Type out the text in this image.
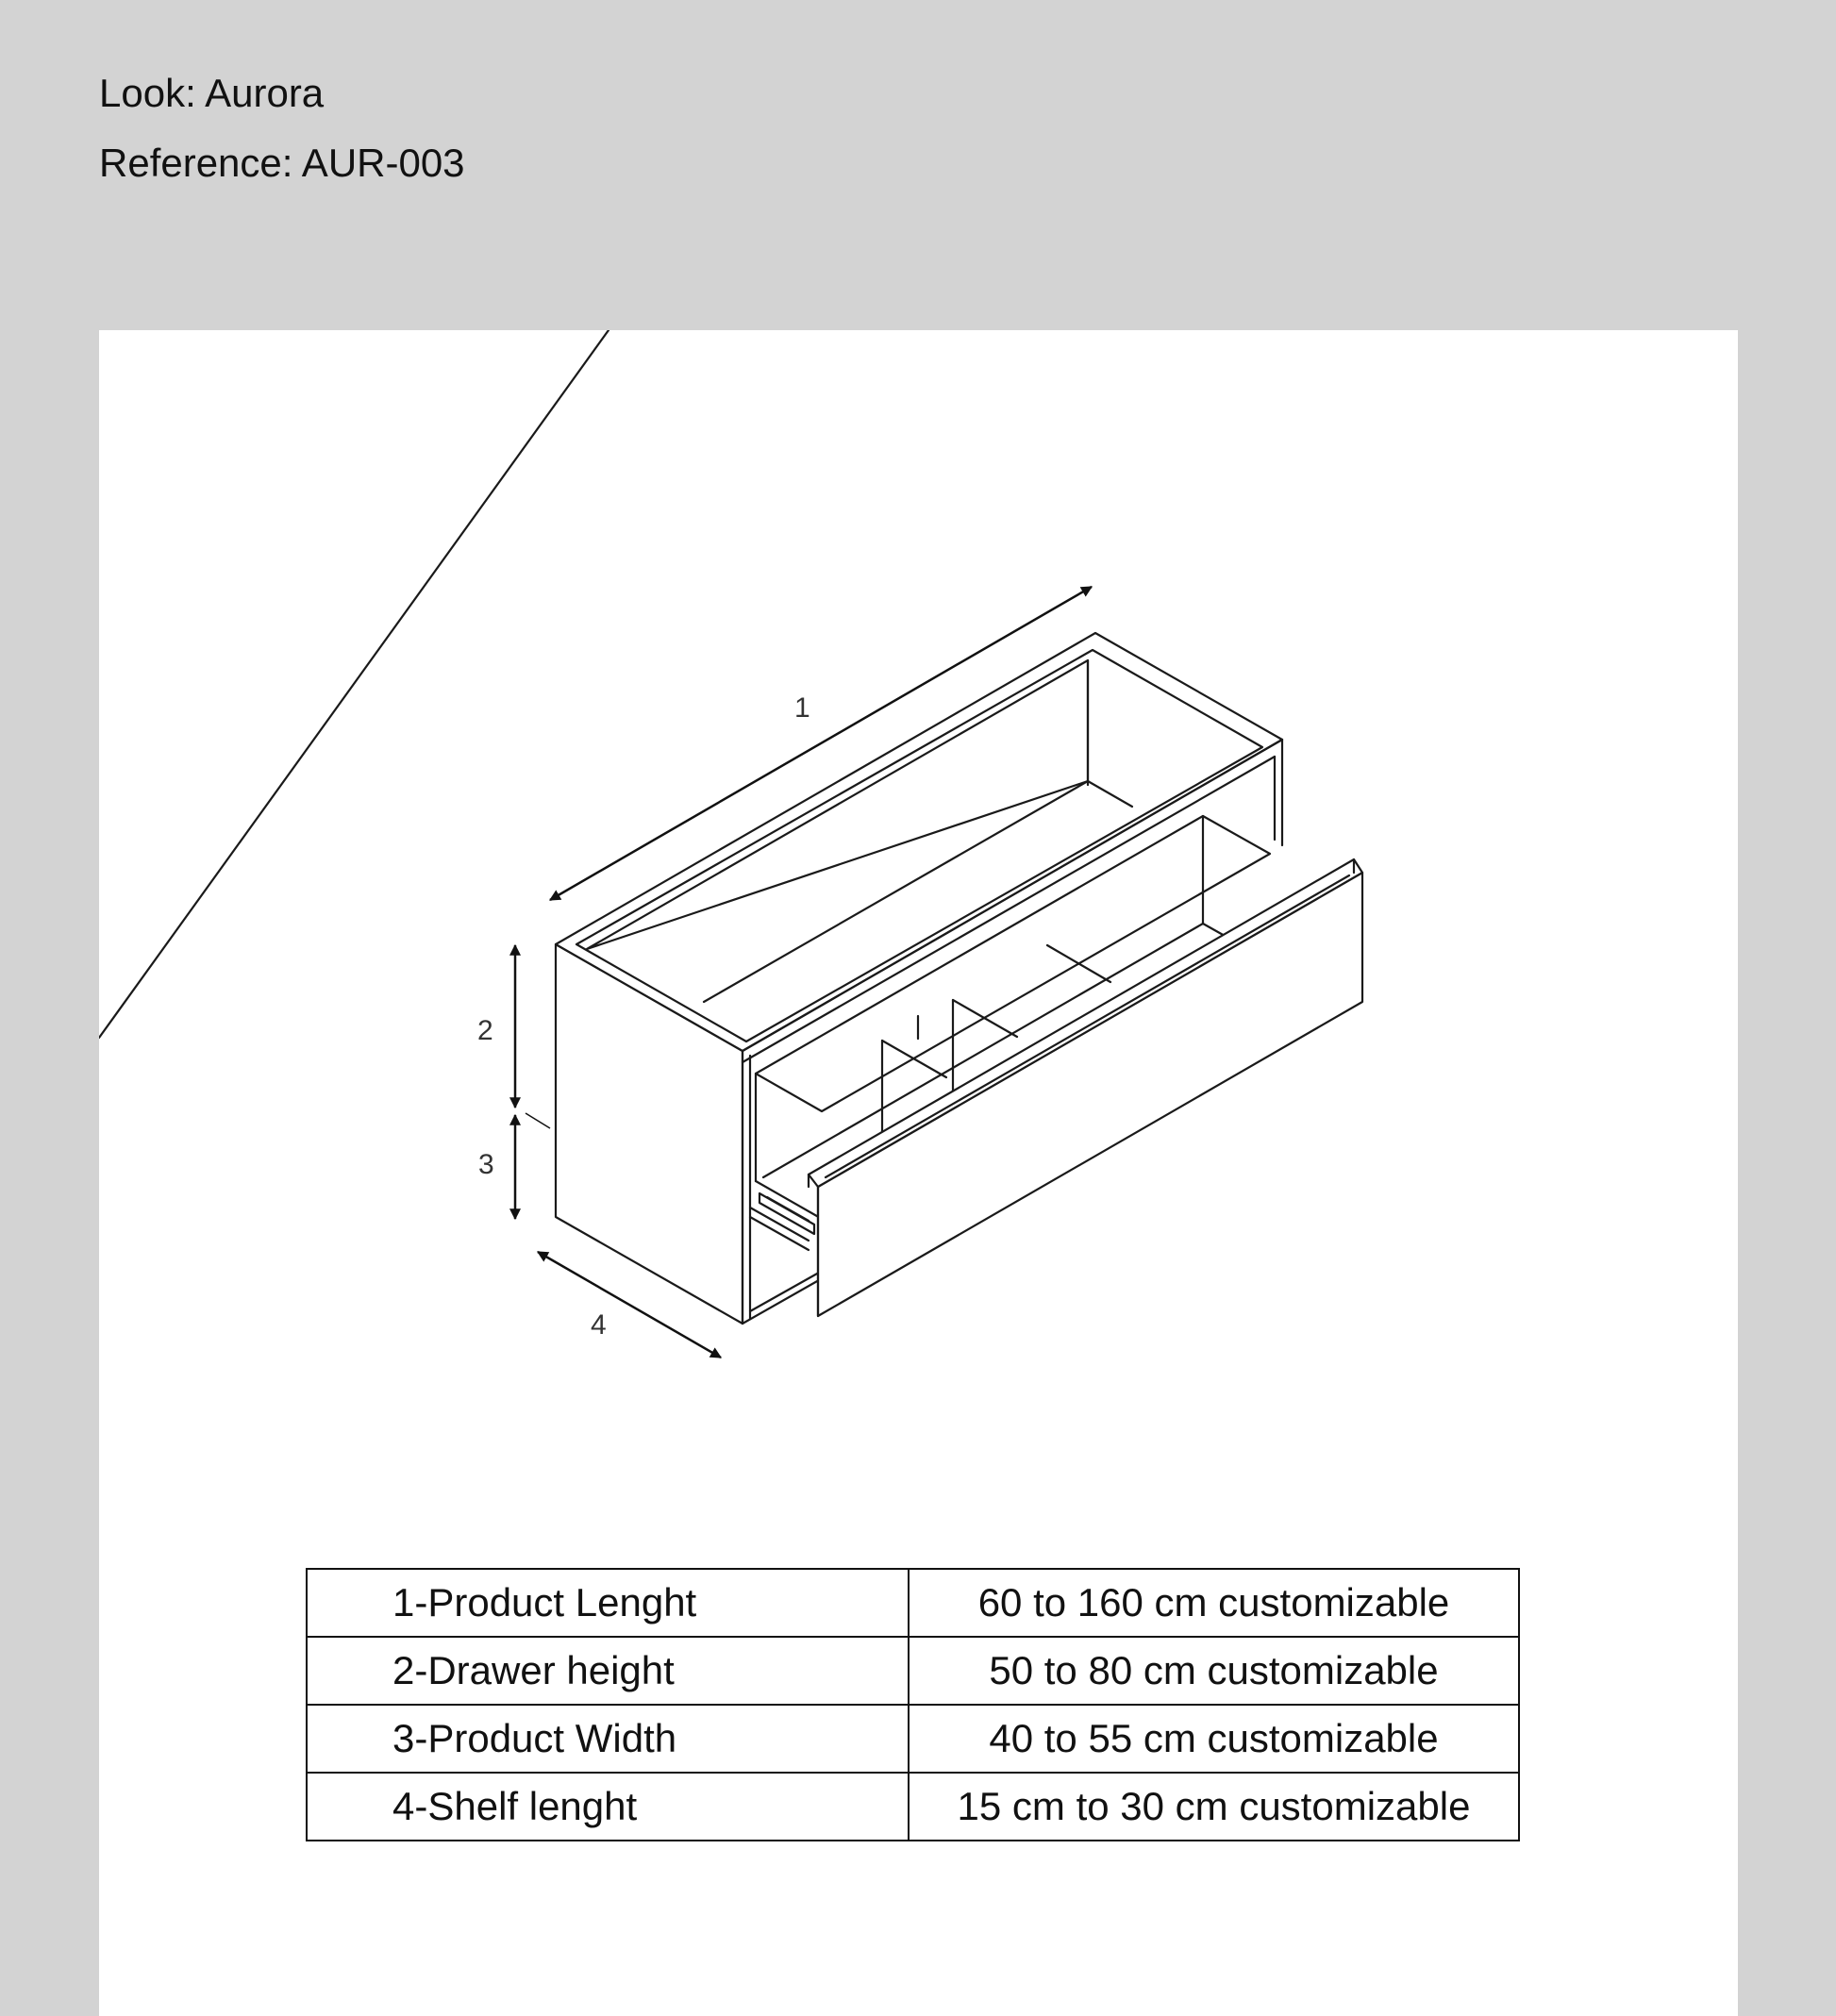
Look: Aurora
Reference: AUR-003
1
2
3
4
1-Product Lenght	60 to 160 cm customizable
2-Drawer height	50 to 80 cm customizable
3-Product Width	40 to 55 cm customizable
4-Shelf lenght	15 cm to 30 cm customizable
